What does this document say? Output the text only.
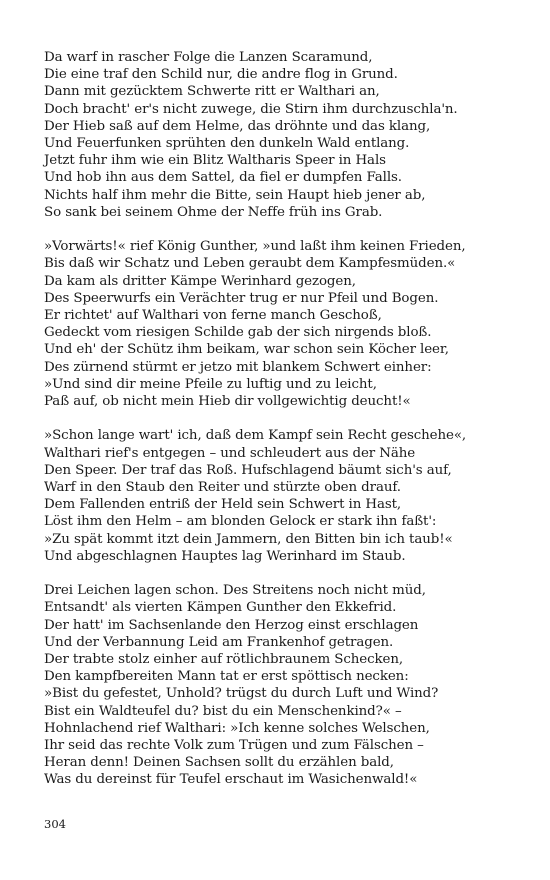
Da warf in rascher Folge die Lanzen Scaramund,
Die eine traf den Schild nur, die andre flog in Grund.
Dann mit gezücktem Schwerte ritt er Walthari an,
Doch bracht' er's nicht zuwege, die Stirn ihm durchzuschla'n.
Der Hieb saß auf dem Helme, das dröhnte und das klang,
Und Feuerfunken sprühten den dunkeln Wald entlang.
Jetzt fuhr ihm wie ein Blitz Waltharis Speer in Hals
Und hob ihn aus dem Sattel, da fiel er dumpfen Falls.
Nichts half ihm mehr die Bitte, sein Haupt hieb jener ab,
So sank bei seinem Ohme der Neffe früh ins Grab.
»Vorwärts!« rief König Gunther, »und laßt ihm keinen Frieden,
Bis daß wir Schatz und Leben geraubt dem Kampfesmüden.«
Da kam als dritter Kämpe Werinhard gezogen,
Des Speerwurfs ein Verächter trug er nur Pfeil und Bogen.
Er richtet' auf Walthari von ferne manch Geschoß,
Gedeckt vom riesigen Schilde gab der sich nirgends bloß.
Und eh' der Schütz ihm beikam, war schon sein Köcher leer,
Des zürnend stürmt er jetzo mit blankem Schwert einher:
»Und sind dir meine Pfeile zu luftig und zu leicht,
Paß auf, ob nicht mein Hieb dir vollgewichtig deucht!«
»Schon lange wart' ich, daß dem Kampf sein Recht geschehe«,
Walthari rief's entgegen – und schleudert aus der Nähe
Den Speer. Der traf das Roß. Hufschlagend bäumt sich's auf,
Warf in den Staub den Reiter und stürzte oben drauf.
Dem Fallenden entriß der Held sein Schwert in Hast,
Löst ihm den Helm – am blonden Gelock er stark ihn faßt':
»Zu spät kommt itzt dein Jammern, den Bitten bin ich taub!«
Und abgeschlagnen Hauptes lag Werinhard im Staub.
Drei Leichen lagen schon. Des Streitens noch nicht müd,
Entsandt' als vierten Kämpen Gunther den Ekkefrid.
Der hatt' im Sachsenlande den Herzog einst erschlagen
Und der Verbannung Leid am Frankenhof getragen.
Der trabte stolz einher auf rötlichbraunem Schecken,
Den kampfbereiten Mann tat er erst spöttisch necken:
»Bist du gefestet, Unhold? trügst du durch Luft und Wind?
Bist ein Waldteufel du? bist du ein Menschenkind?« –
Hohnlachend rief Walthari: »Ich kenne solches Welschen,
Ihr seid das rechte Volk zum Trügen und zum Fälschen –
Heran denn! Deinen Sachsen sollt du erzählen bald,
Was du dereinst für Teufel erschaut im Wasichenwald!«
304
